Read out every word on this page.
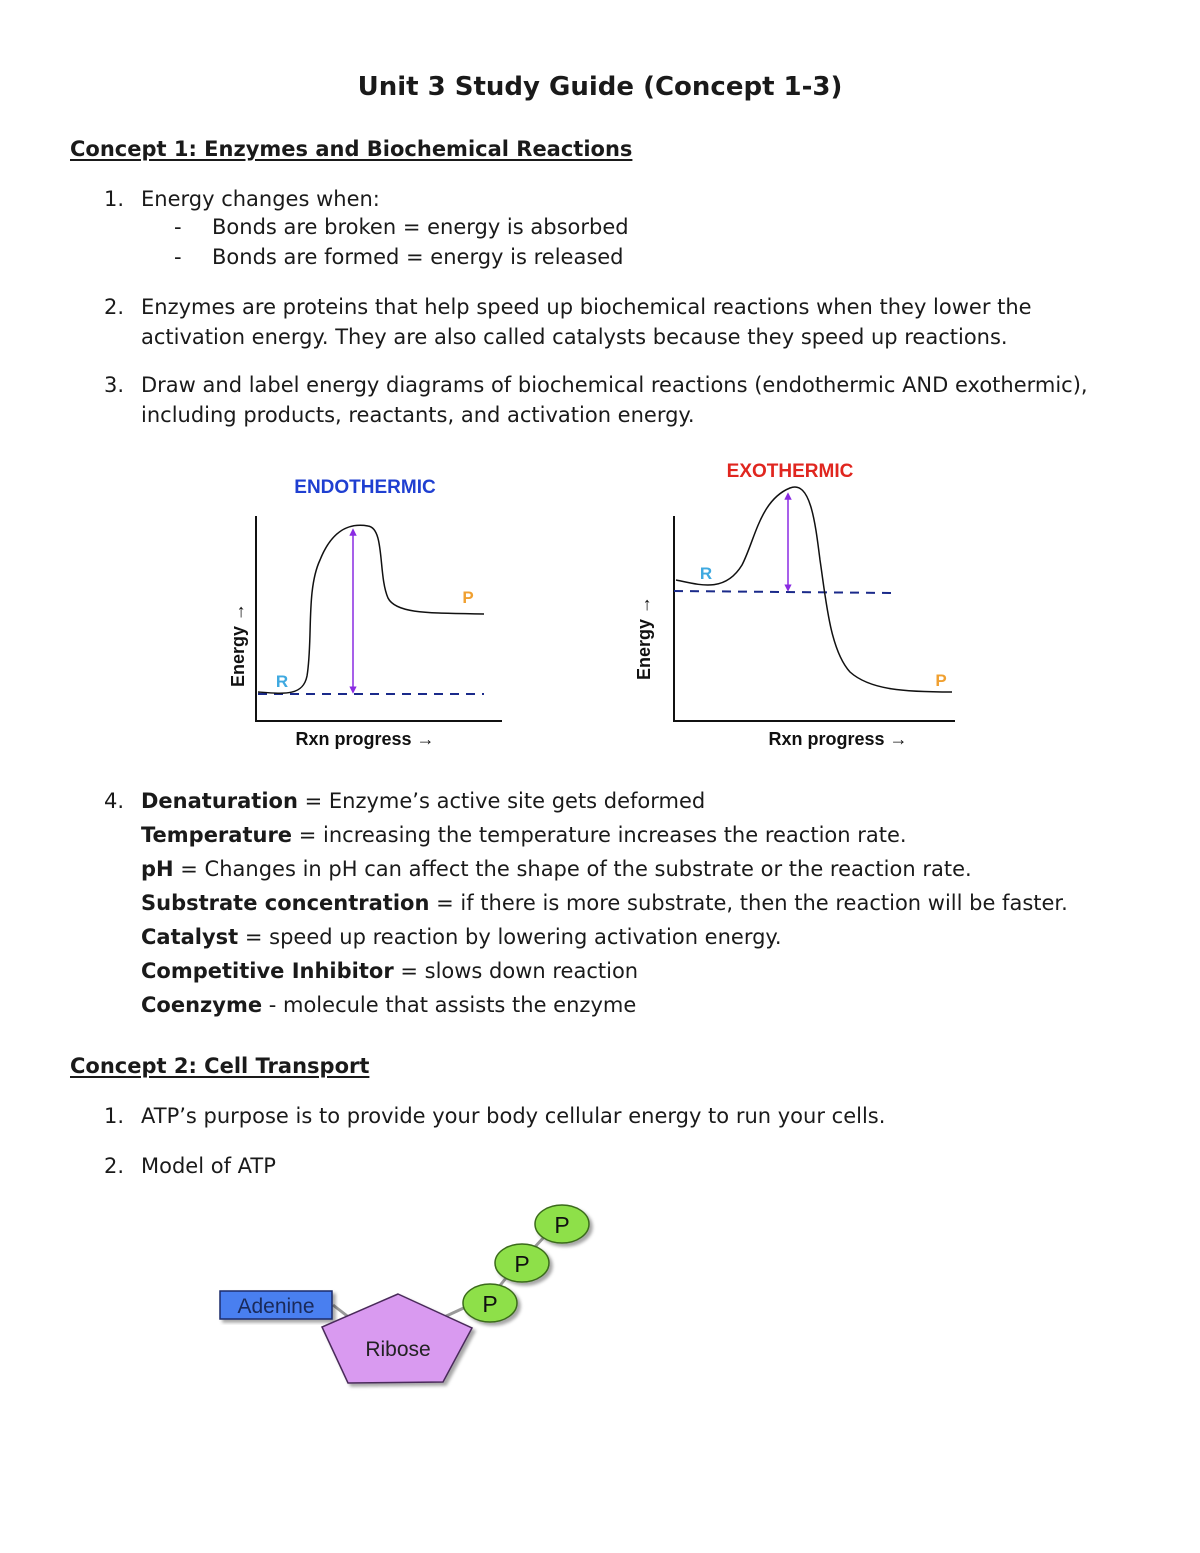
Unit 3 Study Guide (Concept 1-3)
Concept 1: Enzymes and Biochemical Reactions
1. Energy changes when:
- Bonds are broken = energy is absorbed
- Bonds are formed = energy is released
2. Enzymes are proteins that help speed up biochemical reactions when they lower the
activation energy. They are also called catalysts because they speed up reactions.
3. Draw and label energy diagrams of biochemical reactions (endothermic AND exothermic),
including products, reactants, and activation energy.
ENDOTHERMIC
Energy →
Rxn progress →
R
P
EXOTHERMIC
Energy →
Rxn progress →
R
P
4. Denaturation = Enzyme’s active site gets deformed
Temperature = increasing the temperature increases the reaction rate.
pH = Changes in pH can affect the shape of the substrate or the reaction rate.
Substrate concentration = if there is more substrate, then the reaction will be faster.
Catalyst = speed up reaction by lowering activation energy.
Competitive Inhibitor = slows down reaction
Coenzyme - molecule that assists the enzyme
Concept 2: Cell Transport
1. ATP’s purpose is to provide your body cellular energy to run your cells.
2. Model of ATP
Adenine
Ribose
P
P
P
